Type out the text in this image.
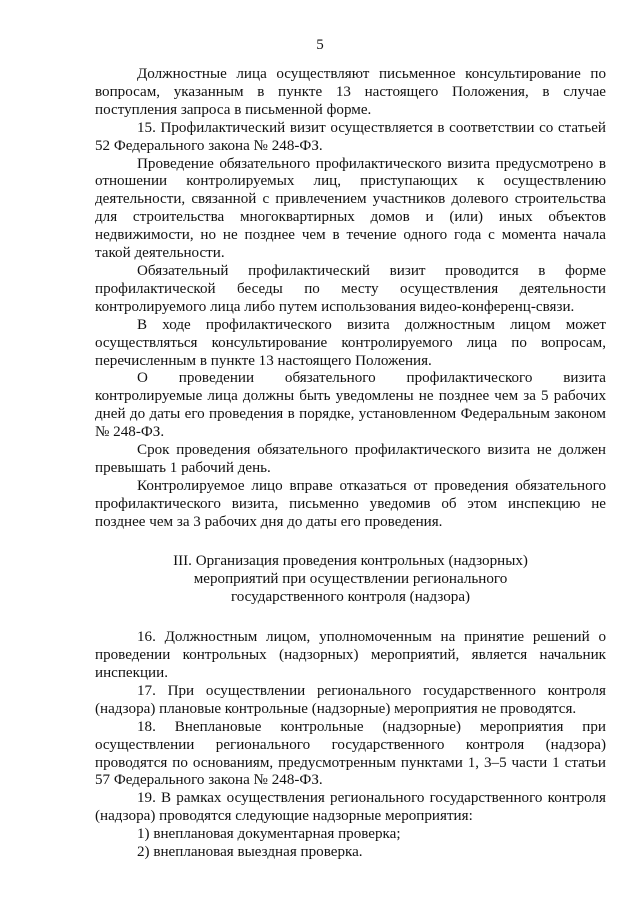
5

Должностные лица осуществляют письменное консультирование по вопросам, указанным в пункте 13 настоящего Положения, в случае поступления запроса в письменной форме.

15. Профилактический визит осуществляется в соответствии со статьей 52 Федерального закона № 248-ФЗ.

Проведение обязательного профилактического визита предусмотрено в отношении контролируемых лиц, приступающих к осуществлению деятельности, связанной с привлечением участников долевого строительства для строительства многоквартирных домов и (или) иных объектов недвижимости, но не позднее чем в течение одного года с момента начала такой деятельности.

Обязательный профилактический визит проводится в форме профилактической беседы по месту осуществления деятельности контролируемого лица либо путем использования видео-конференц-связи.

В ходе профилактического визита должностным лицом может осуществляться консультирование контролируемого лица по вопросам, перечисленным в пункте 13 настоящего Положения.

О проведении обязательного профилактического визита контролируемые лица должны быть уведомлены не позднее чем за 5 рабочих дней до даты его проведения в порядке, установленном Федеральным законом № 248-ФЗ.

Срок проведения обязательного профилактического визита не должен превышать 1 рабочий день.

Контролируемое лицо вправе отказаться от проведения обязательного профилактического визита, письменно уведомив об этом инспекцию не позднее чем за 3 рабочих дня до даты его проведения.

III. Организация проведения контрольных (надзорных) мероприятий при осуществлении регионального государственного контроля (надзора)

16. Должностным лицом, уполномоченным на принятие решений о проведении контрольных (надзорных) мероприятий, является начальник инспекции.

17. При осуществлении регионального государственного контроля (надзора) плановые контрольные (надзорные) мероприятия не проводятся.

18. Внеплановые контрольные (надзорные) мероприятия при осуществлении регионального государственного контроля (надзора) проводятся по основаниям, предусмотренным пунктами 1, 3–5 части 1 статьи 57 Федерального закона № 248-ФЗ.

19. В рамках осуществления регионального государственного контроля (надзора) проводятся следующие надзорные мероприятия:

1) внеплановая документарная проверка;

2) внеплановая выездная проверка.
